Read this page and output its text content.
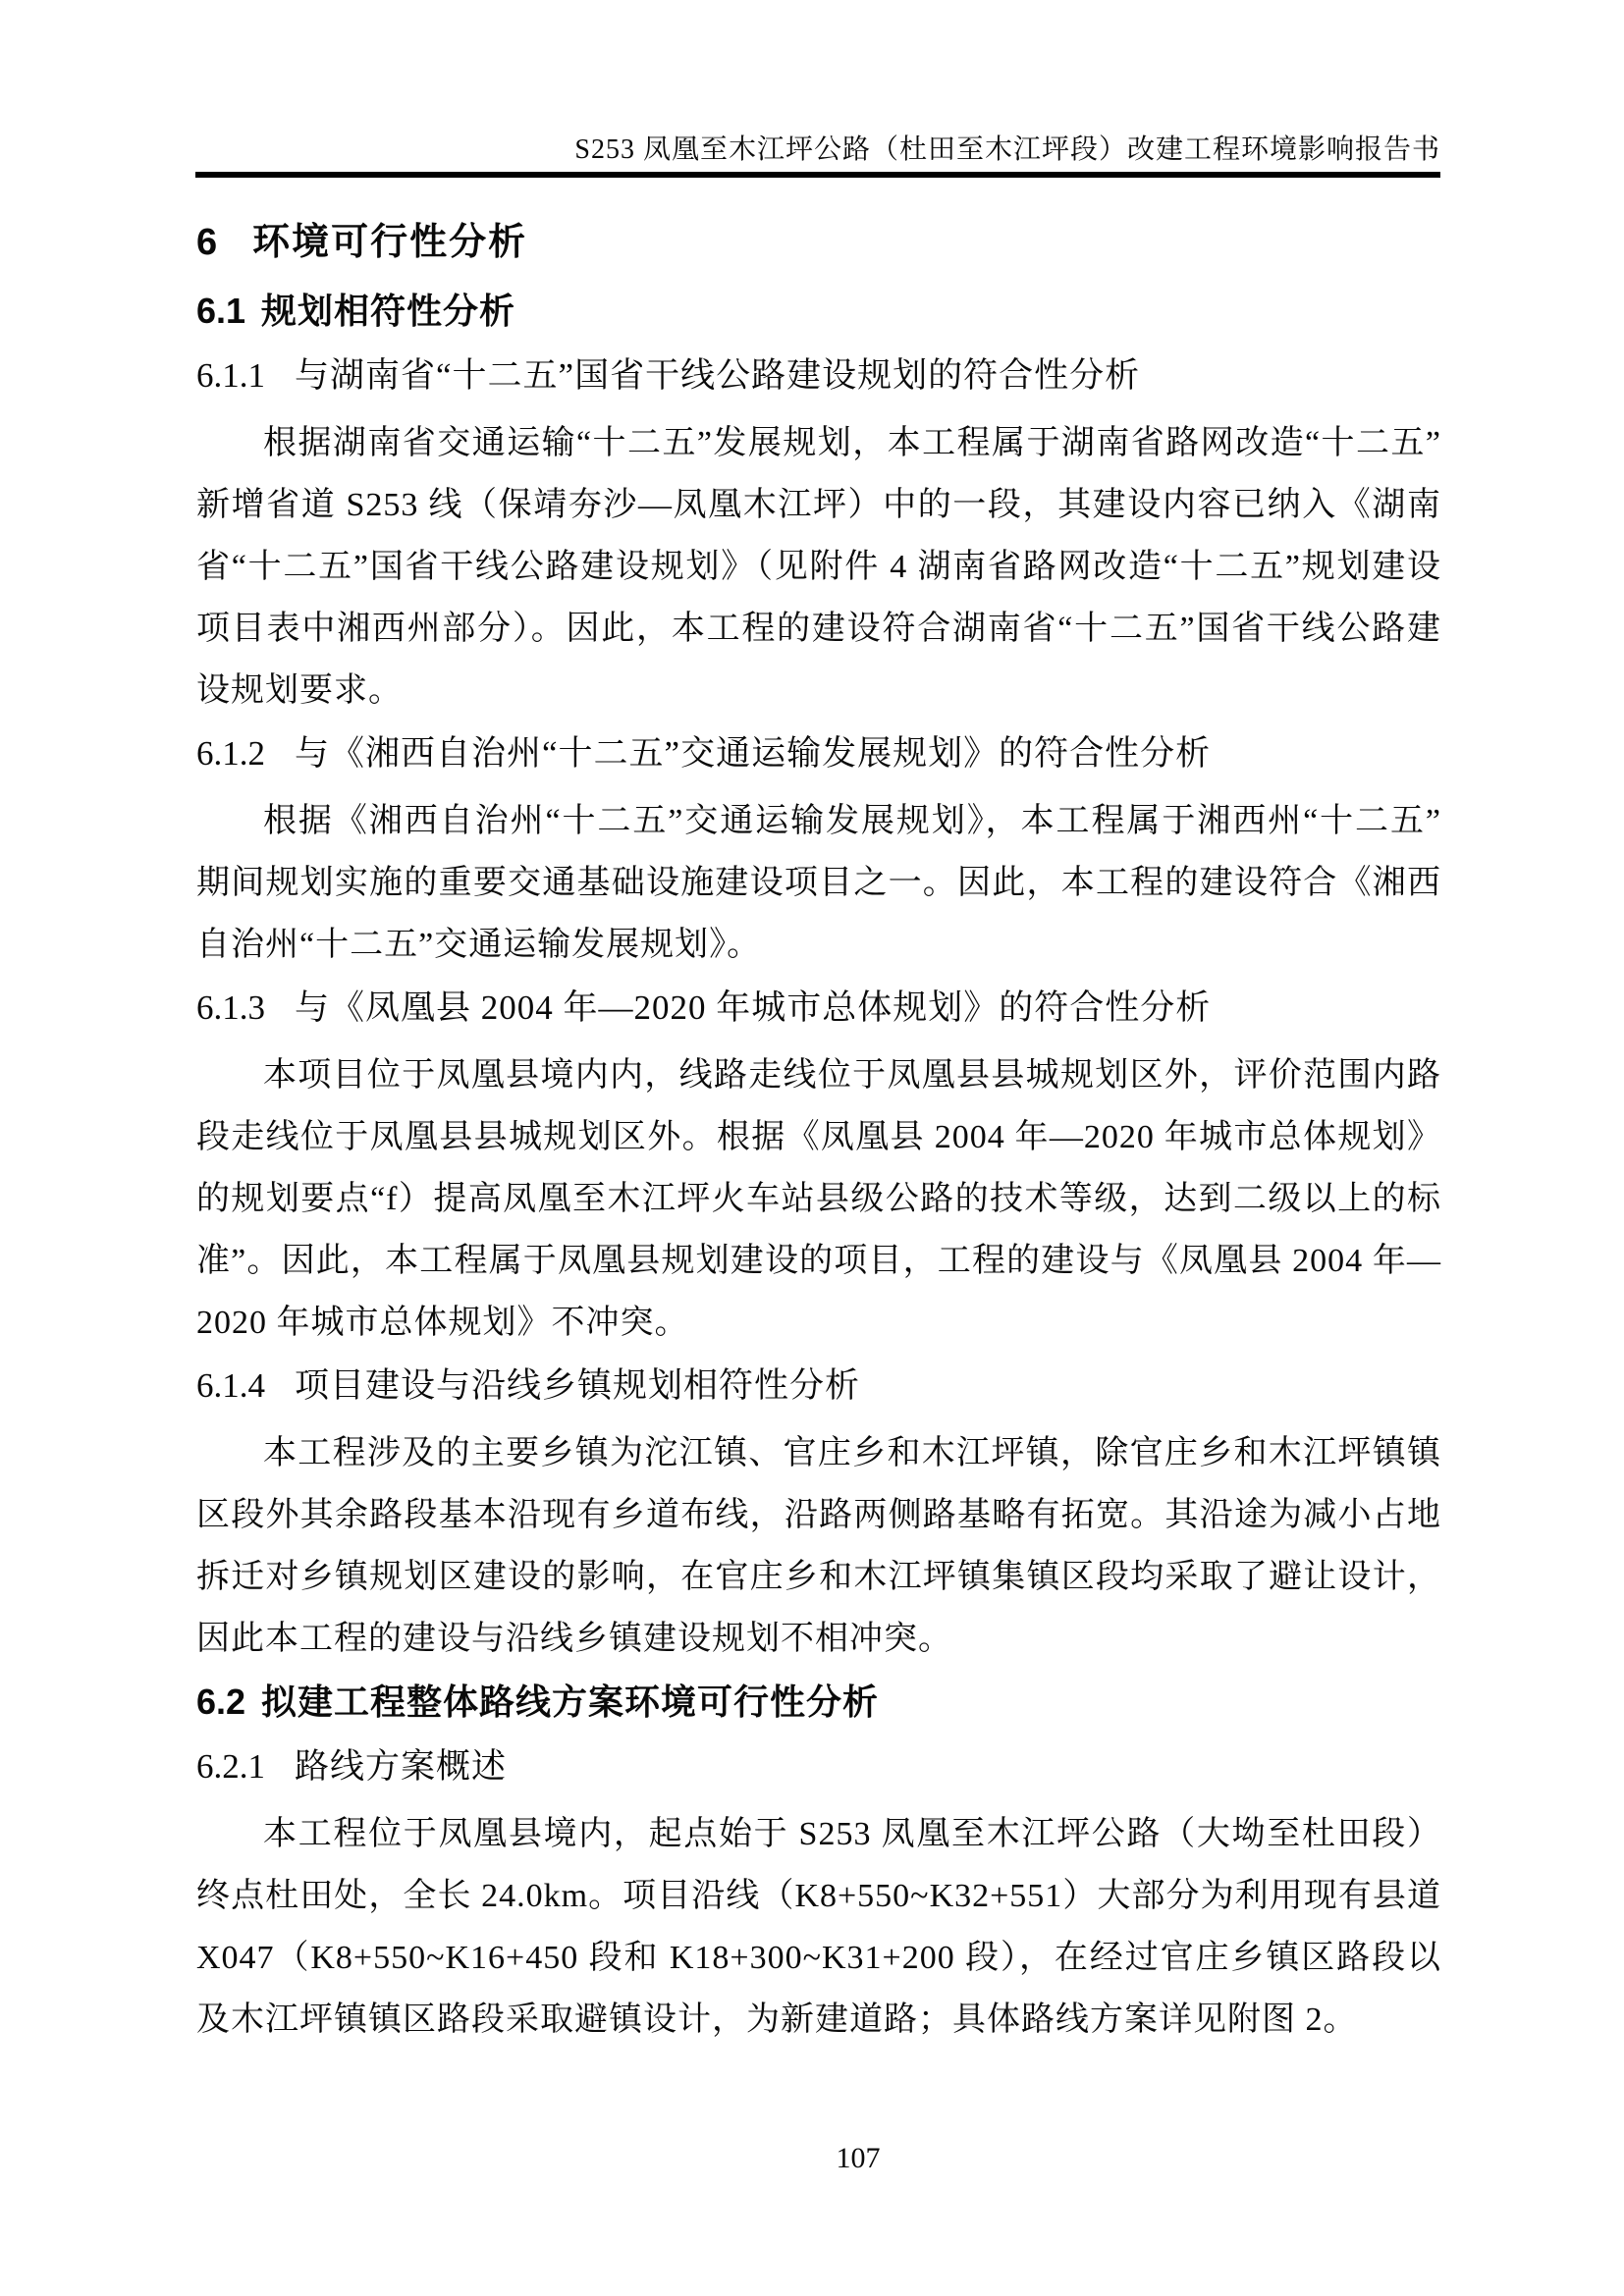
S253 凤凰至木江坪公路（杜田至木江坪段）改建工程环境影响报告书
6 环境可行性分析
6.1 规划相符性分析
6.1.1 与湖南省“十二五”国省干线公路建设规划的符合性分析

根据湖南省交通运输“十二五”发展规划，本工程属于湖南省路网改造“十二五”新增省道 S253 线（保靖夯沙—凤凰木江坪）中的一段，其建设内容已纳入《湖南省“十二五”国省干线公路建设规划》（见附件 4 湖南省路网改造“十二五”规划建设项目表中湘西州部分）。因此，本工程的建设符合湖南省“十二五”国省干线公路建设规划要求。

6.1.2 与《湘西自治州“十二五”交通运输发展规划》的符合性分析

根据《湘西自治州“十二五”交通运输发展规划》，本工程属于湘西州“十二五”期间规划实施的重要交通基础设施建设项目之一。因此，本工程的建设符合《湘西自治州“十二五”交通运输发展规划》。

6.1.3 与《凤凰县 2004 年—2020 年城市总体规划》的符合性分析

本项目位于凤凰县境内内，线路走线位于凤凰县县城规划区外，评价范围内路段走线位于凤凰县县城规划区外。根据《凤凰县 2004 年—2020 年城市总体规划》的规划要点“f）提高凤凰至木江坪火车站县级公路的技术等级，达到二级以上的标准”。因此，本工程属于凤凰县规划建设的项目，工程的建设与《凤凰县 2004 年—2020 年城市总体规划》不冲突。

6.1.4 项目建设与沿线乡镇规划相符性分析

本工程涉及的主要乡镇为沱江镇、官庄乡和木江坪镇，除官庄乡和木江坪镇镇区段外其余路段基本沿现有乡道布线，沿路两侧路基略有拓宽。其沿途为减小占地拆迁对乡镇规划区建设的影响，在官庄乡和木江坪镇集镇区段均采取了避让设计，因此本工程的建设与沿线乡镇建设规划不相冲突。

6.2 拟建工程整体路线方案环境可行性分析
6.2.1 路线方案概述

本工程位于凤凰县境内，起点始于 S253 凤凰至木江坪公路（大坳至杜田段）终点杜田处，全长 24.0km。项目沿线（K8+550~K32+551）大部分为利用现有县道 X047（K8+550~K16+450 段和 K18+300~K31+200 段），在经过官庄乡镇区路段以及木江坪镇镇区路段采取避镇设计，为新建道路；具体路线方案详见附图 2。

107
